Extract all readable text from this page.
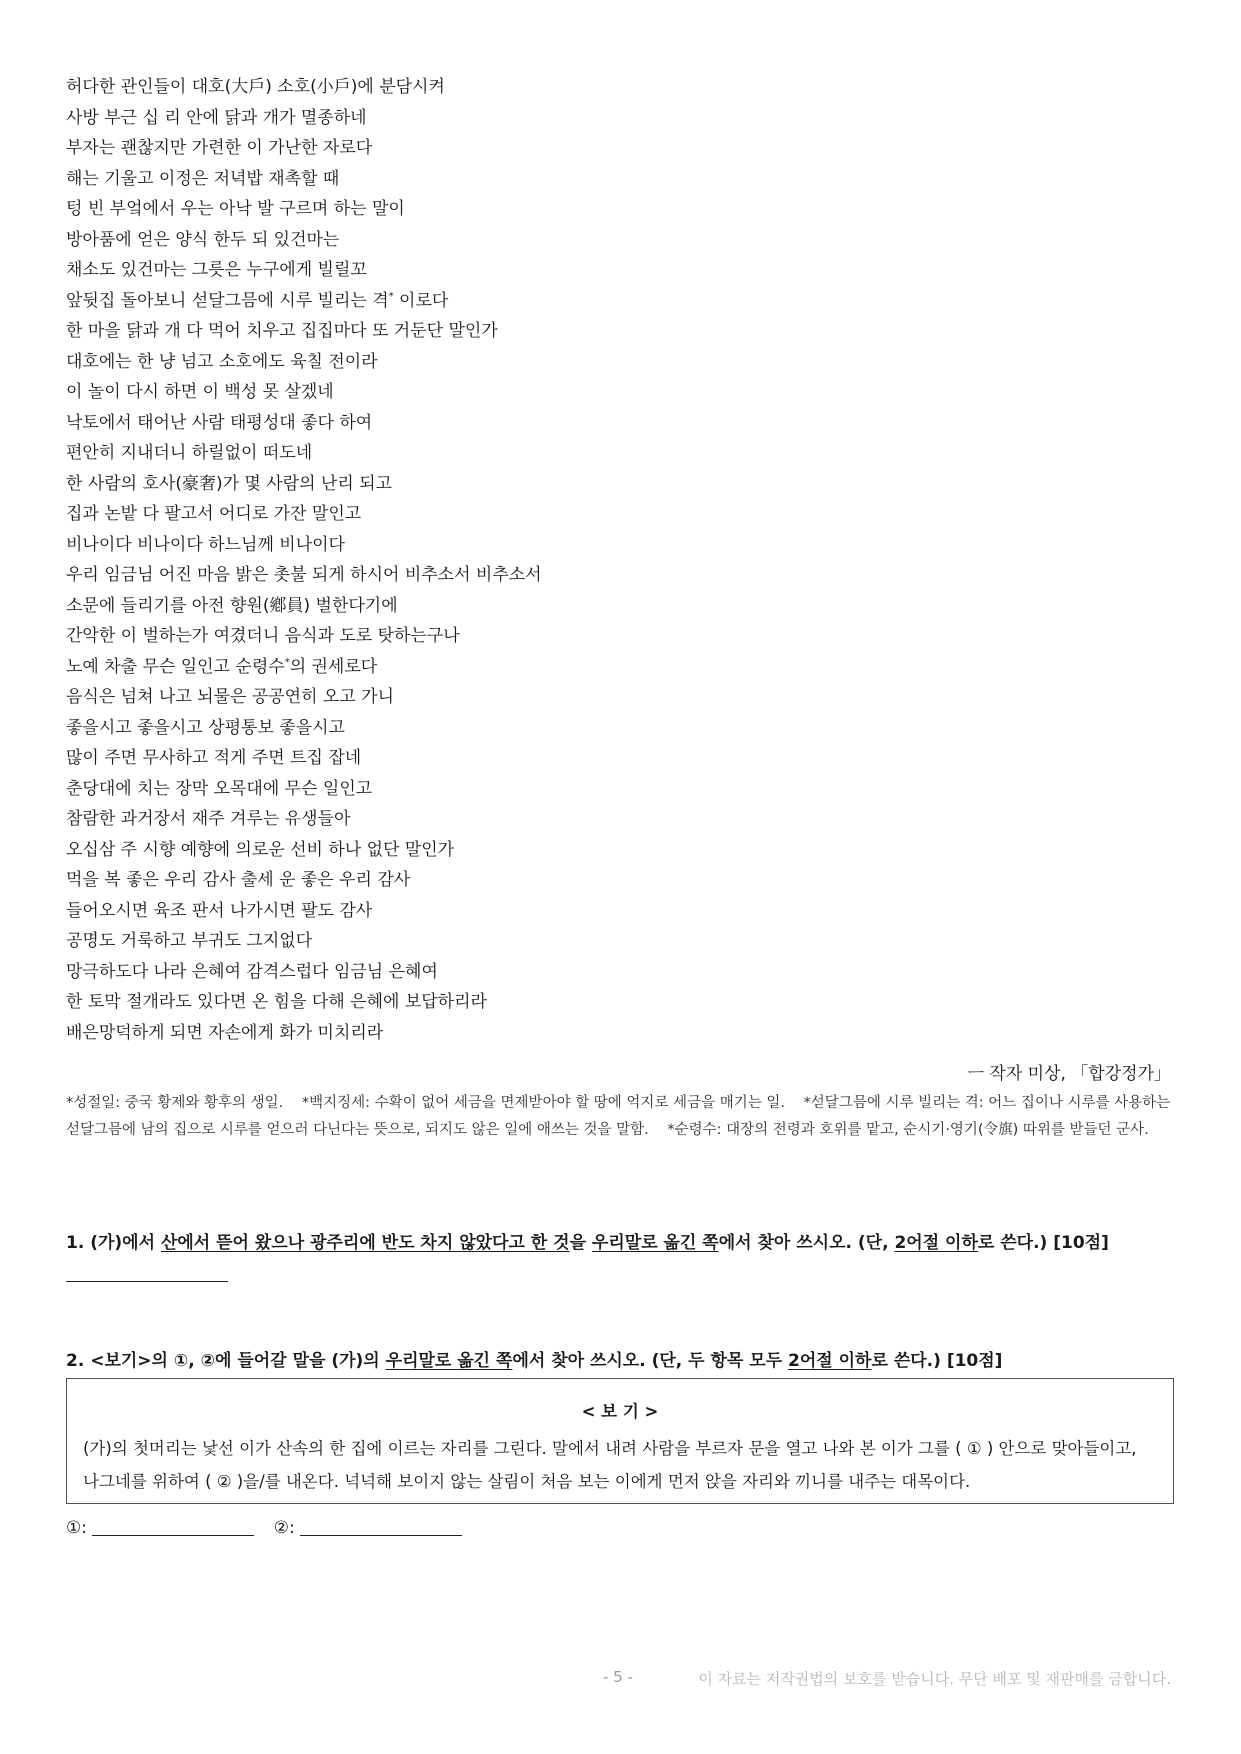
허다한 관인들이 대호(大戶) 소호(小戶)에 분담시켜
사방 부근 십 리 안에 닭과 개가 멸종하네
부자는 괜찮지만 가련한 이 가난한 자로다
해는 기울고 이정은 저녁밥 재촉할 때
텅 빈 부엌에서 우는 아낙 발 구르며 하는 말이
방아품에 얻은 양식 한두 되 있건마는
채소도 있건마는 그릇은 누구에게 빌릴꼬
앞뒷집 돌아보니 섣달그믐에 시루 빌리는 격* 이로다
한 마을 닭과 개 다 먹어 치우고 집집마다 또 거둔단 말인가
대호에는 한 냥 넘고 소호에도 육칠 전이라
이 놀이 다시 하면 이 백성 못 살겠네
낙토에서 태어난 사람 태평성대 좋다 하여
편안히 지내더니 하릴없이 떠도네
한 사람의 호사(豪奢)가 몇 사람의 난리 되고
집과 논밭 다 팔고서 어디로 가잔 말인고
비나이다 비나이다 하느님께 비나이다
우리 임금님 어진 마음 밝은 촛불 되게 하시어 비추소서 비추소서
소문에 들리기를 아전 향원(鄕員) 벌한다기에
간악한 이 벌하는가 여겼더니 음식과 도로 탓하는구나
노예 차출 무슨 일인고 순령수*의 권세로다
음식은 넘쳐 나고 뇌물은 공공연히 오고 가니
좋을시고 좋을시고 상평통보 좋을시고
많이 주면 무사하고 적게 주면 트집 잡네
춘당대에 치는 장막 오목대에 무슨 일인고
참람한 과거장서 재주 겨루는 유생들아
오십삼 주 시향 예향에 의로운 선비 하나 없단 말인가
먹을 복 좋은 우리 감사 출세 운 좋은 우리 감사
들어오시면 육조 판서 나가시면 팔도 감사
공명도 거룩하고 부귀도 그지없다
망극하도다 나라 은혜여 감격스럽다 임금님 은혜여
한 토막 절개라도 있다면 온 힘을 다해 은혜에 보답하리라
배은망덕하게 되면 자손에게 화가 미치리라
ㅡ 작자 미상, 「합강정가」
*성절일: 중국 황제와 황후의 생일. *백지징세: 수확이 없어 세금을 면제받아야 할 땅에 억지로 세금을 매기는 일. *섣달그믐에 시루 빌리는 격: 어느 집이나 시루를 사용하는 섣달그믐에 남의 집으로 시루를 얻으러 다닌다는 뜻으로, 되지도 않은 일에 애쓰는 것을 말함. *순령수: 대장의 전령과 호위를 맡고, 순시기·영기(令旗) 따위를 받들던 군사.
1. (가)에서 산에서 뜯어 왔으나 광주리에 반도 차지 않았다고 한 것을 우리말로 옮긴 쪽에서 찾아 쓰시오. (단, 2어절 이하로 쓴다.) [10점]
2. <보기>의 ①, ②에 들어갈 말을 (가)의 우리말로 옮긴 쪽에서 찾아 쓰시오. (단, 두 항목 모두 2어절 이하로 쓴다.) [10점]
< 보 기 >
(가)의 첫머리는 낯선 이가 산속의 한 집에 이르는 자리를 그린다. 말에서 내려 사람을 부르자 문을 열고 나와 본 이가 그를 ( ① ) 안으로 맞아들이고, 나그네를 위하여 ( ② )을/를 내온다. 넉넉해 보이지 않는 살림이 처음 보는 이에게 먼저 앉을 자리와 끼니를 내주는 대목이다.
①:	②:
- 5 -	이 자료는 저작권법의 보호를 받습니다. 무단 배포 및 재판매를 금합니다.
